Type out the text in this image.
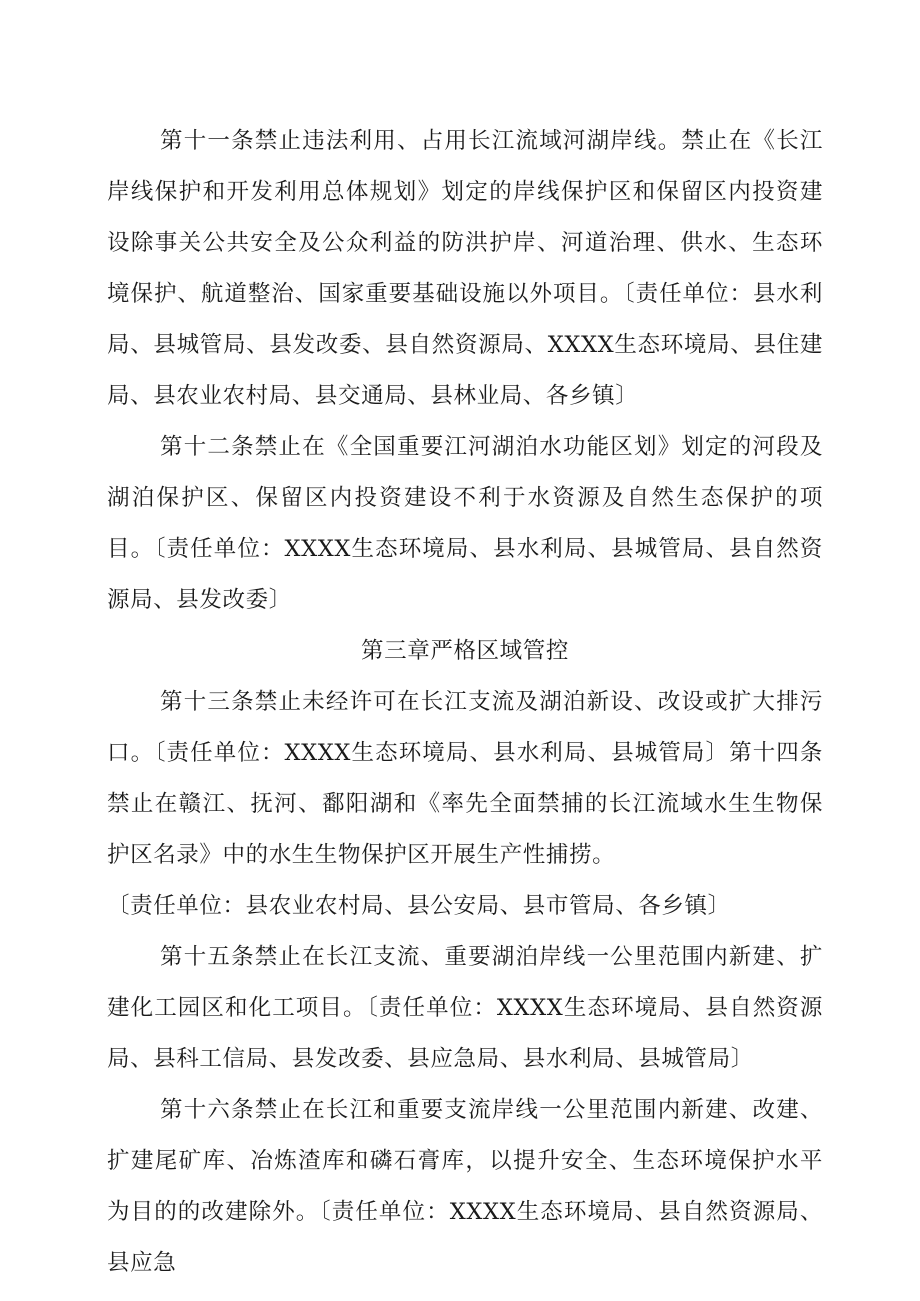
第十一条禁止违法利用、占用长江流域河湖岸线。禁止在《长江岸线保护和开发利用总体规划》划定的岸线保护区和保留区内投资建设除事关公共安全及公众利益的防洪护岸、河道治理、供水、生态环境保护、航道整治、国家重要基础设施以外项目。〔责任单位：县水利局、县城管局、县发改委、县自然资源局、XXXX生态环境局、县住建局、县农业农村局、县交通局、县林业局、各乡镇〕

第十二条禁止在《全国重要江河湖泊水功能区划》划定的河段及湖泊保护区、保留区内投资建设不利于水资源及自然生态保护的项目。〔责任单位：XXXX生态环境局、县水利局、县城管局、县自然资源局、县发改委〕

第三章严格区域管控

第十三条禁止未经许可在长江支流及湖泊新设、改设或扩大排污口。〔责任单位：XXXX生态环境局、县水利局、县城管局〕第十四条禁止在赣江、抚河、鄱阳湖和《率先全面禁捕的长江流域水生生物保护区名录》中的水生生物保护区开展生产性捕捞。

〔责任单位：县农业农村局、县公安局、县市管局、各乡镇〕

第十五条禁止在长江支流、重要湖泊岸线一公里范围内新建、扩建化工园区和化工项目。〔责任单位：XXXX生态环境局、县自然资源局、县科工信局、县发改委、县应急局、县水利局、县城管局〕

第十六条禁止在长江和重要支流岸线一公里范围内新建、改建、扩建尾矿库、冶炼渣库和磷石膏库，以提升安全、生态环境保护水平为目的的改建除外。〔责任单位：XXXX生态环境局、县自然资源局、县应急
